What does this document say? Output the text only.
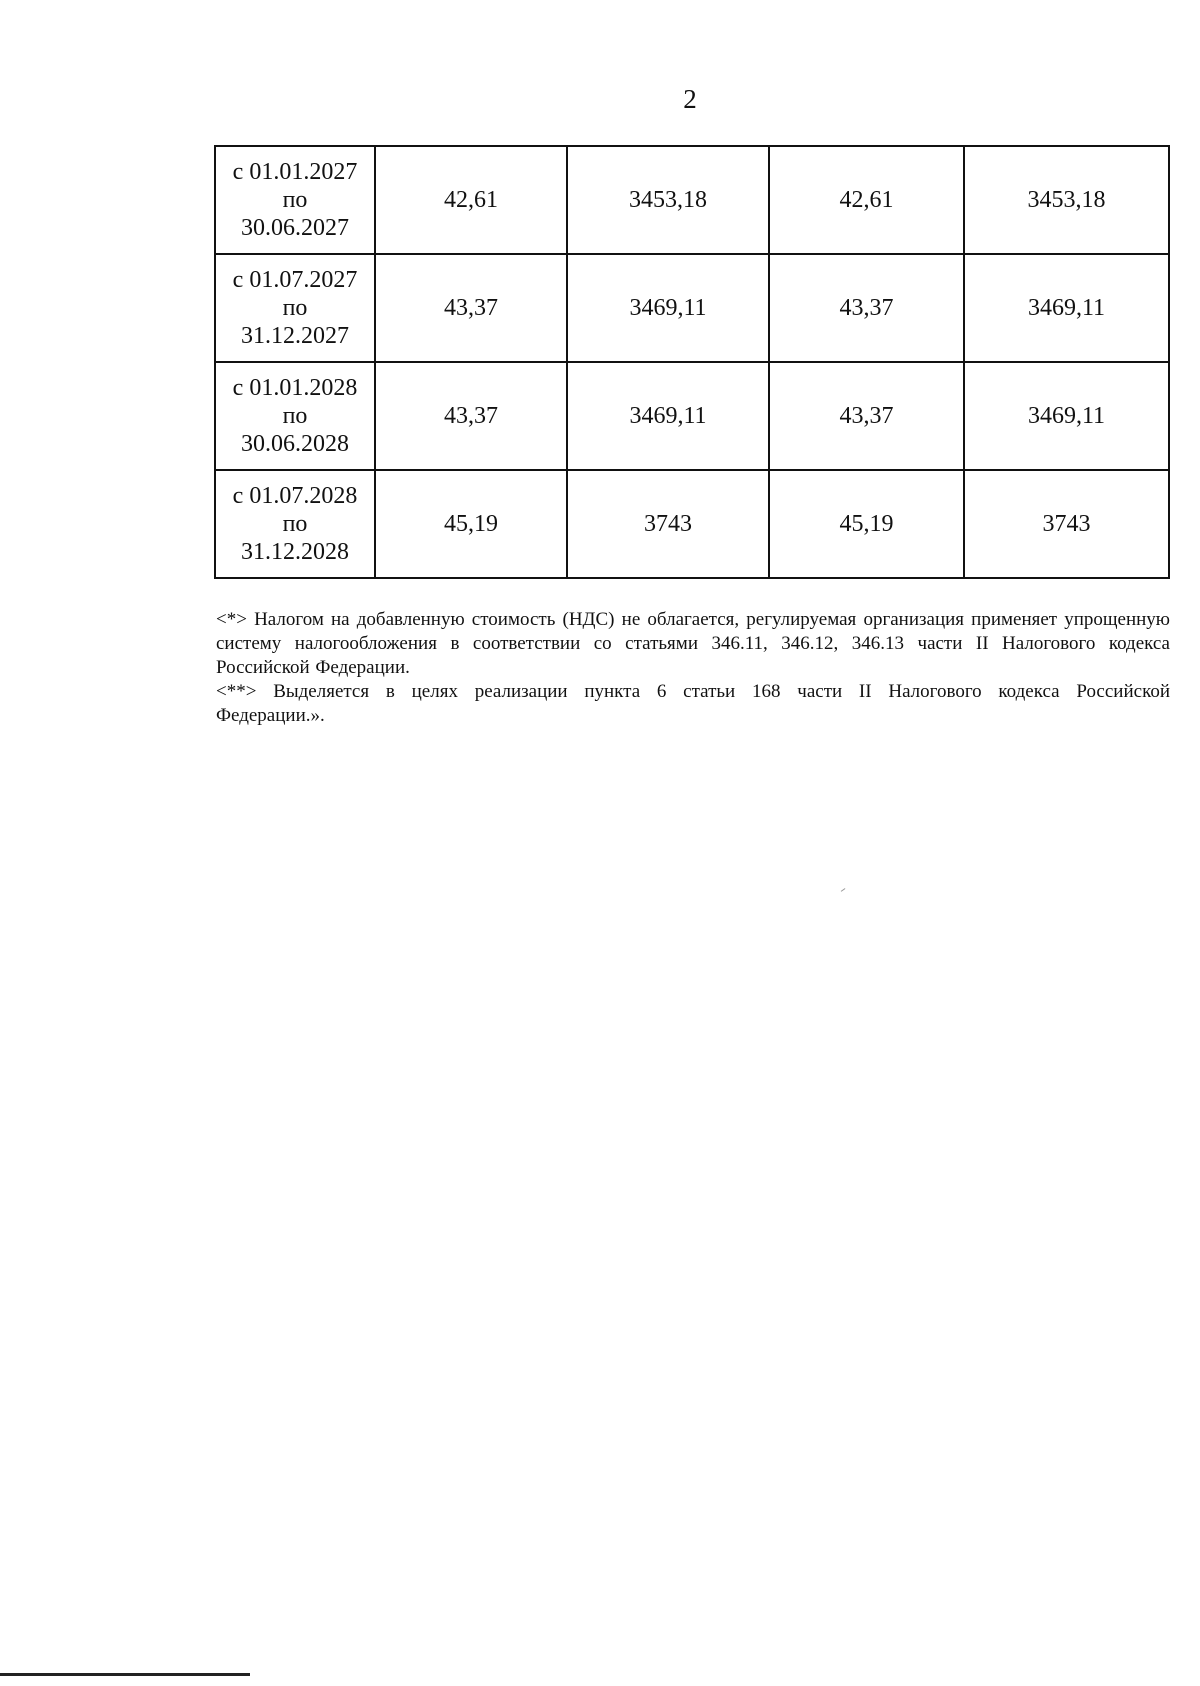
2
с 01.01.2027
по
30.06.2027	42,61	3453,18	42,61	3453,18

с 01.07.2027
по
31.12.2027	43,37	3469,11	43,37	3469,11

с 01.01.2028
по
30.06.2028	43,37	3469,11	43,37	3469,11

с 01.07.2028
по
31.12.2028	45,19	3743	45,19	3743

<*> Налогом на добавленную стоимость (НДС) не облагается, регулируемая организация применяет упрощенную систему налогообложения в соответствии со статьями 346.11, 346.12, 346.13 части II Налогового кодекса Российской Федерации.

<**> Выделяется в целях реализации пункта 6 статьи 168 части II Налогового кодекса Российской Федерации.».
